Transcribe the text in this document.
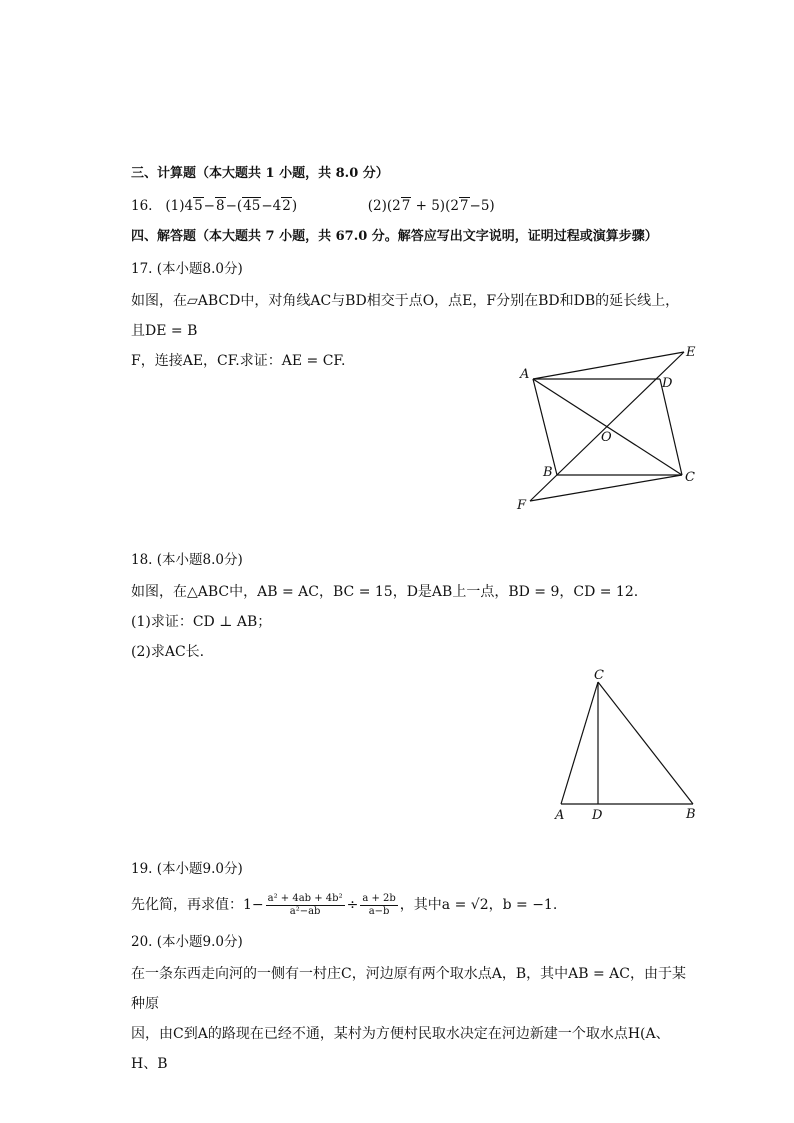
三、计算题（本大题共 1 小题，共 8.0 分）
16. (1)45−8−(45−42)	(2)(27 + 5)(27−5)
四、解答题（本大题共 7 小题，共 67.0 分。解答应写出文字说明，证明过程或演算步骤）
17. (本小题8.0分)
如图，在▱ABCD中，对角线AC与BD相交于点O，点E，F分别在BD和DB的延长线上，且DE = B
F，连接AE，CF.求证：AE = CF.
A
E
D
O
B	C
F
18. (本小题8.0分)
如图，在△ABC中，AB = AC，BC = 15，D是AB上一点，BD = 9，CD = 12.
(1)求证：CD ⊥ AB；
(2)求AC长.
C
A D	B
19. (本小题9.0分)
先化简，再求值：$1- \frac{\text{a² + 4ab + 4b²}}{\text{a²−ab}} \div \frac{a + 2b}{a-b}$ ，其中a = √2，b = −1.
20. (本小题9.0分)
在一条东西走向河的一侧有一村庄C，河边原有两个取水点A，B，其中AB = AC，由于某种原
因，由C到A的路现在已经不通，某村为方便村民取水决定在河边新建一个取水点H(A、H、B
